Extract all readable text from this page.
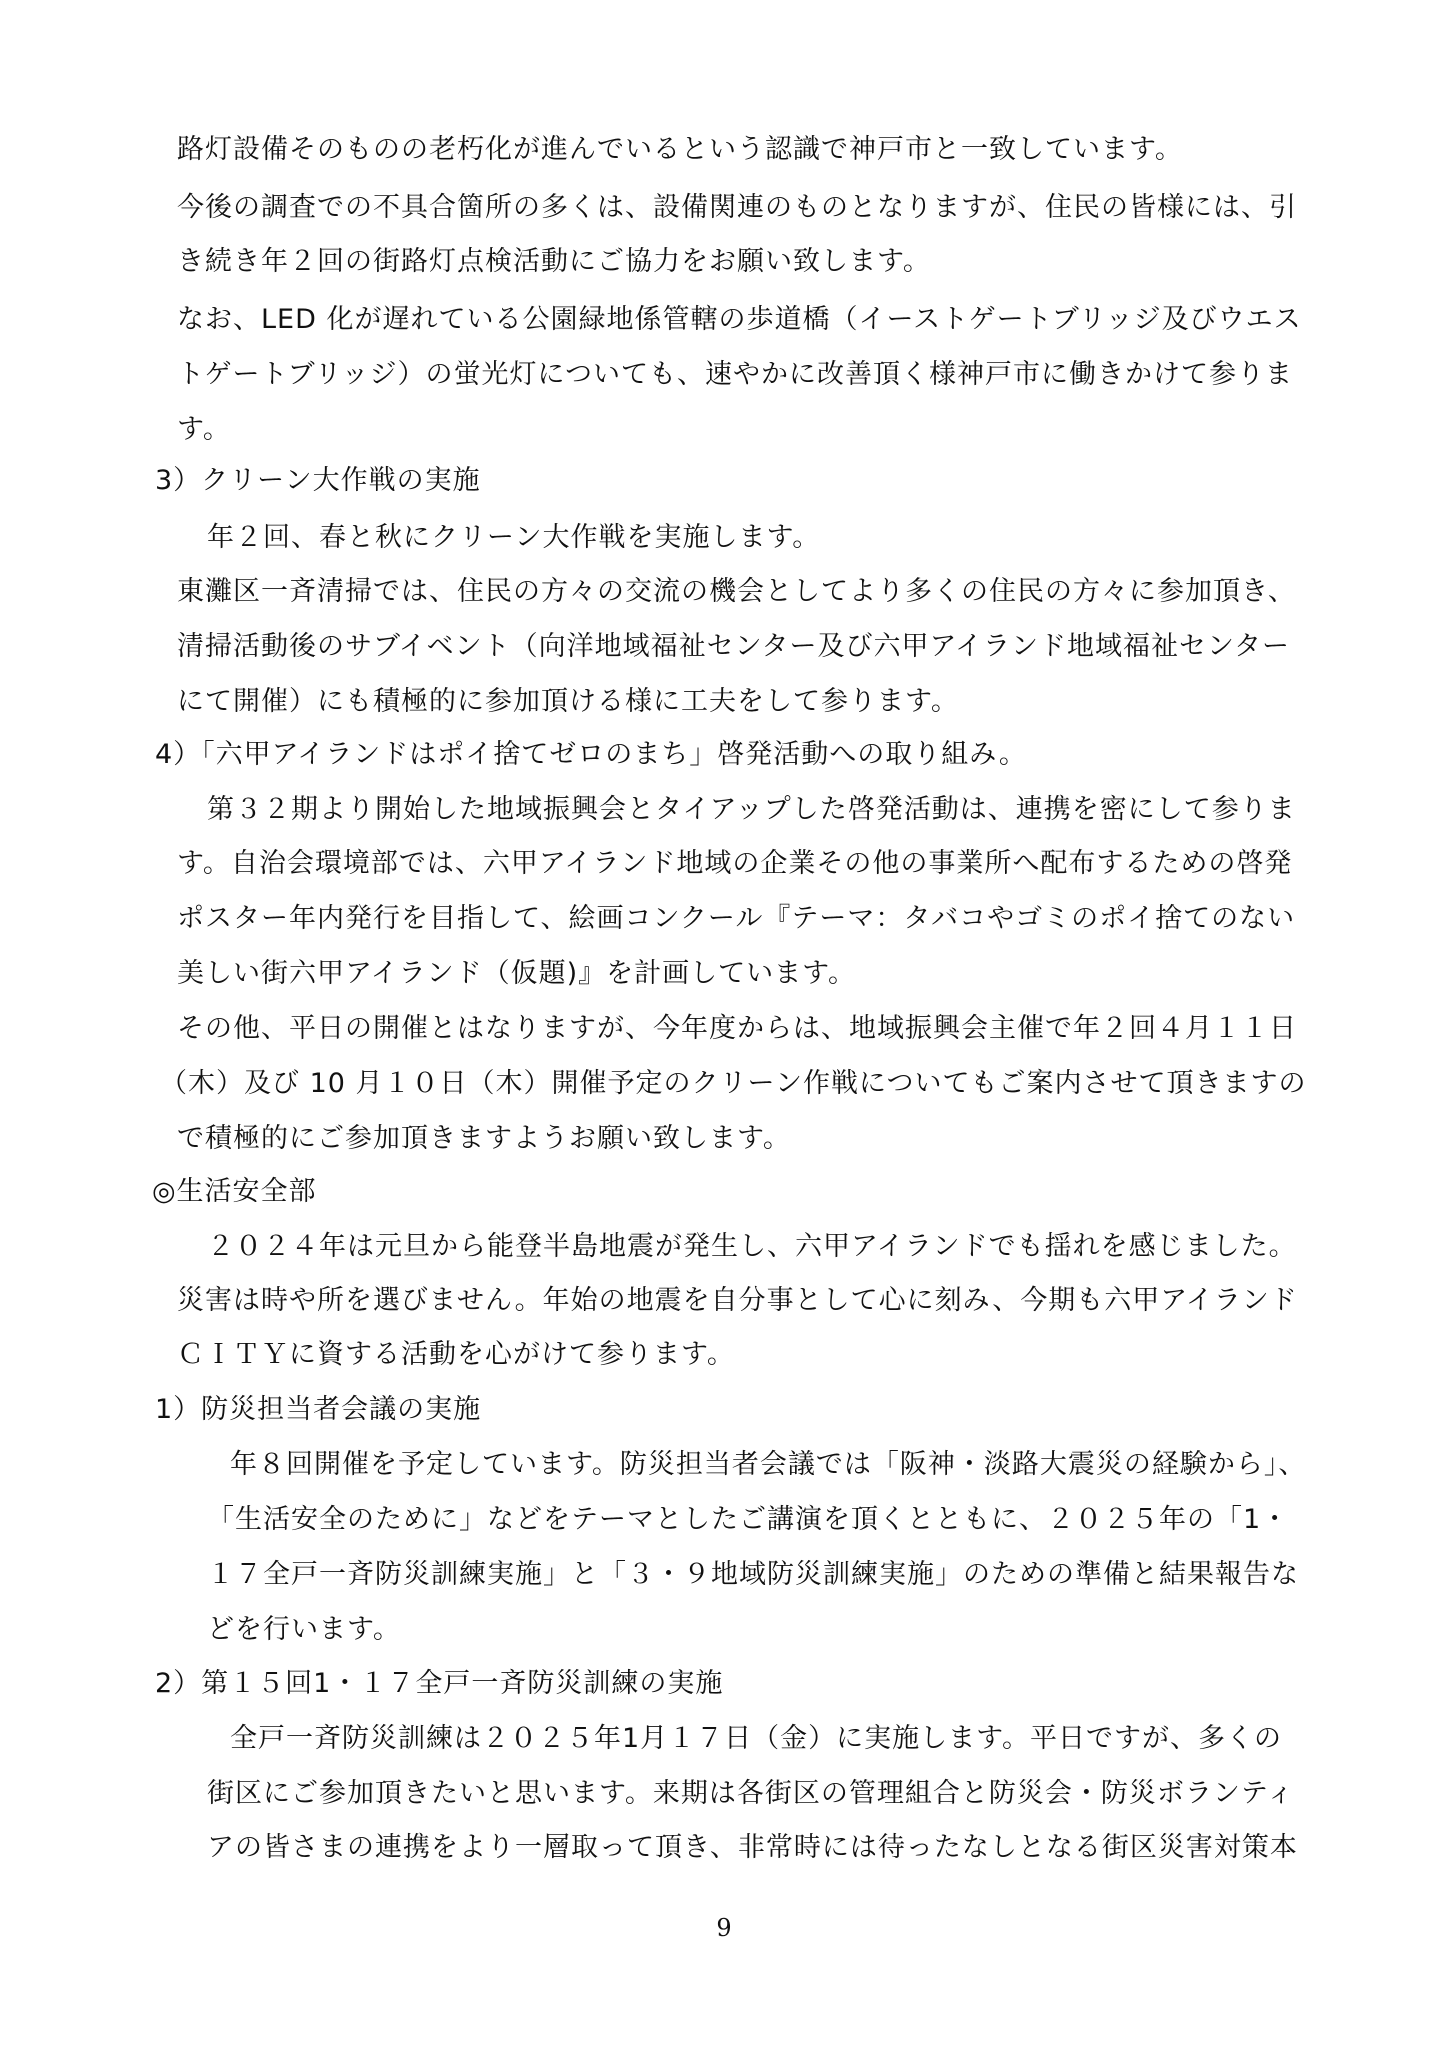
路灯設備そのものの老朽化が進んでいるという認識で神戸市と一致しています。
今後の調査での不具合箇所の多くは、設備関連のものとなりますが、住民の皆様には、引
き続き年２回の街路灯点検活動にご協力をお願い致します。
なお、LED 化が遅れている公園緑地係管轄の歩道橋（イーストゲートブリッジ及びウエス
トゲートブリッジ）の蛍光灯についても、速やかに改善頂く様神戸市に働きかけて参りま
す。
3）クリーン大作戦の実施
年２回、春と秋にクリーン大作戦を実施します。
東灘区一斉清掃では、住民の方々の交流の機会としてより多くの住民の方々に参加頂き、
清掃活動後のサブイベント（向洋地域福祉センター及び六甲アイランド地域福祉センター
にて開催）にも積極的に参加頂ける様に工夫をして参ります。
4）「六甲アイランドはポイ捨てゼロのまち」啓発活動への取り組み。
第３２期より開始した地域振興会とタイアップした啓発活動は、連携を密にして参りま
す。自治会環境部では、六甲アイランド地域の企業その他の事業所へ配布するための啓発
ポスター年内発行を目指して、絵画コンクール『テーマ：タバコやゴミのポイ捨てのない
美しい街六甲アイランド（仮題)』を計画しています。
その他、平日の開催とはなりますが、今年度からは、地域振興会主催で年２回４月１１日
（木）及び 10 月１０日（木）開催予定のクリーン作戦についてもご案内させて頂きますの
で積極的にご参加頂きますようお願い致します。
◎生活安全部
２０２４年は元旦から能登半島地震が発生し、六甲アイランドでも揺れを感じました。
災害は時や所を選びません。年始の地震を自分事として心に刻み、今期も六甲アイランド
ＣＩＴＹに資する活動を心がけて参ります。
1）防災担当者会議の実施
年８回開催を予定しています。防災担当者会議では「阪神・淡路大震災の経験から」、
「生活安全のために」などをテーマとしたご講演を頂くとともに、２０２５年の「1・
１７全戸一斉防災訓練実施」と「３・９地域防災訓練実施」のための準備と結果報告な
どを行います。
2）第１５回1・１７全戸一斉防災訓練の実施
全戸一斉防災訓練は２０２５年1月１７日（金）に実施します。平日ですが、多くの
街区にご参加頂きたいと思います。来期は各街区の管理組合と防災会・防災ボランティ
アの皆さまの連携をより一層取って頂き、非常時には待ったなしとなる街区災害対策本
9
